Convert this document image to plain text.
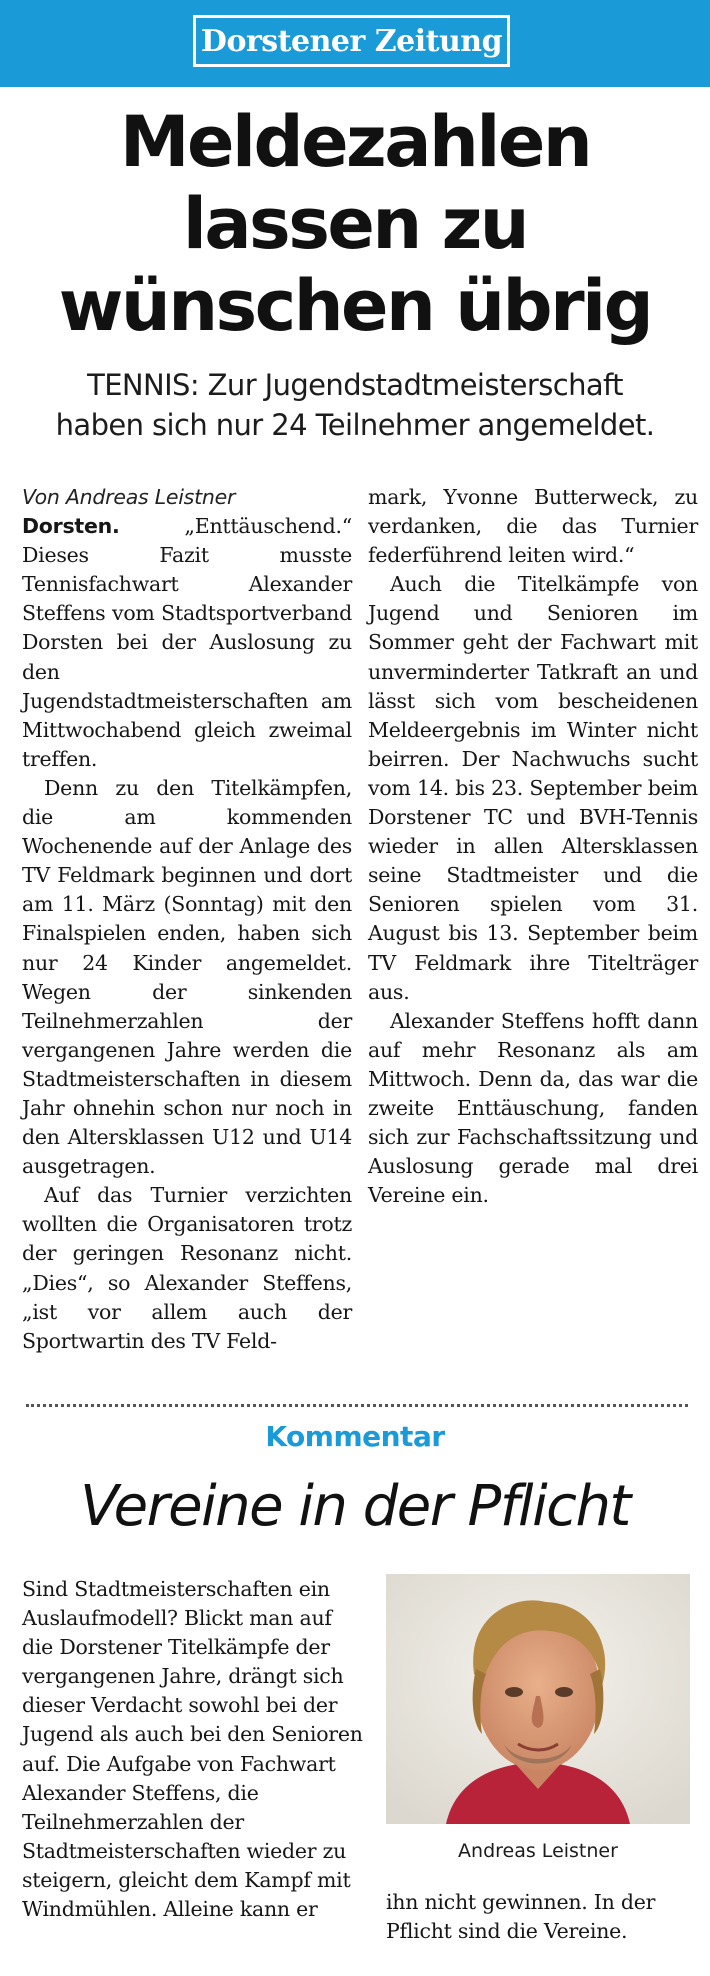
Dorstener Zeitung
Meldezahlen
lassen zu
wünschen übrig
TENNIS: Zur Jugendstadtmeisterschaft
haben sich nur 24 Teilnehmer angemeldet.

Von Andreas Leistner

Dorsten.	„Enttäuschend.“ Dieses Fazit musste Tennisfachwart Alexander Steffens vom Stadtsportverband Dorsten bei der Auslosung zu den Jugendstadtmeisterschaften am Mittwochabend gleich zweimal treffen.

Denn zu den Titelkämpfen, die am kommenden Wochenende auf der Anlage des TV Feldmark beginnen und dort am 11. März (Sonntag) mit den Finalspielen enden, haben sich nur 24 Kinder angemeldet. Wegen der sinkenden Teilnehmerzahlen der vergangenen Jahre werden die Stadtmeisterschaften in diesem Jahr ohnehin schon nur noch in den Altersklassen U12 und U14 ausgetragen.

Auf das Turnier verzichten wollten die Organisatoren trotz der geringen Resonanz nicht. „Dies“, so Alexander Steffens, „ist vor allem auch der Sportwartin des TV Feld-

mark, Yvonne Butterweck, zu verdanken, die das Turnier federführend leiten wird.“

Auch die Titelkämpfe von Jugend und Senioren im Sommer geht der Fachwart mit unverminderter Tatkraft an und lässt sich vom bescheidenen Meldeergebnis im Winter nicht beirren. Der Nachwuchs sucht vom 14. bis 23. September beim Dorstener TC und BVH-Tennis wieder in allen Altersklassen seine Stadtmeister und die Senioren spielen vom 31. August bis 13. September beim TV Feldmark ihre Titelträger aus.

Alexander Steffens hofft dann auf mehr Resonanz als am Mittwoch. Denn da, das war die zweite Enttäuschung, fanden sich zur Fachschaftssitzung und Auslosung gerade mal drei Vereine ein.

Kommentar
Vereine in der Pflicht

Sind Stadtmeisterschaften ein Auslaufmodell? Blickt man auf die Dorstener Titelkämpfe der vergangenen Jahre, drängt sich dieser Verdacht sowohl bei der Jugend als auch bei den Senioren auf. Die Aufgabe von Fachwart Alexander Steffens, die Teilnehmerzahlen der Stadtmeisterschaften wieder zu steigern, gleicht dem Kampf mit Windmühlen. Alleine kann er

Andreas Leistner

ihn nicht gewinnen. In der Pflicht sind die Vereine.
